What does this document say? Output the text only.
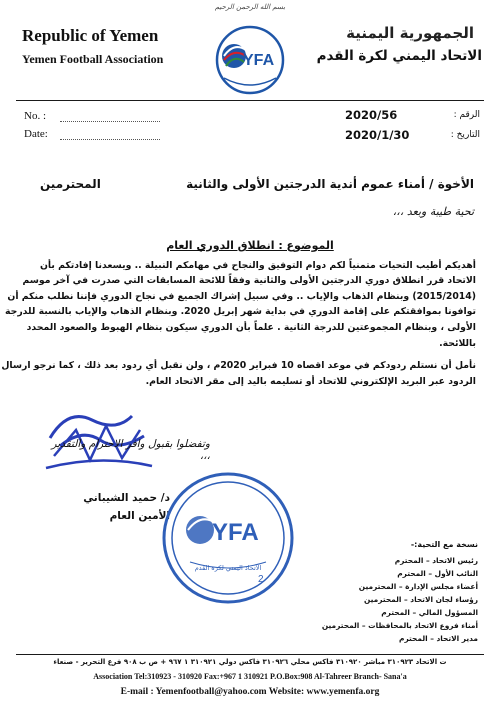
Republic of Yemen
Yemen Football Association
بسم الله الرحمن الرحيم
YFA
الجمهورية اليمنية
الاتحاد اليمني لكرة القدم
No. :
Date:
الرقم :
2020/56
التاريخ :
2020/1/30
الأخوة / أمناء عموم أندية الدرجتين الأولى والثانية
المحترمين
تحية طيبة وبعد ،،،
الموضوع : انطلاق الدوري العام
أهديكم أطيب التحيات متمنياً لكم دوام التوفيق والنجاح في مهامكم النبيلة .. ويسعدنا إفادتكم بأن
الاتحاد قرر انطلاق دوري الدرجتين الأولى والثانية وفقاً للائحة المسابقات التي صدرت في آخر موسم
(2015/2014) وبنظام الذهاب والإياب .. وفي سبيل إشراك الجميع في نجاح الدوري فإننا نطلب منكم أن
توافونا بموافقتكم على إقامة الدوري في بداية شهر إبريل 2020. وبنظام الذهاب والإياب بالنسبة للدرجة
الأولى ، وبنظام المجموعتين للدرجة الثانية . علماً بأن الدوري سيكون بنظام الهبوط والصعود المحدد
باللائحة.
نأمل أن نستلم ردودكم في موعد اقصاه 10 فبراير 2020م ، ولن نقبل أي ردود بعد ذلك ، كما نرجو ارسال
الردود عبر البريد الإلكتروني للاتحاد أو تسليمه باليد إلى مقر الاتحاد العام.
وتفضلوا بقبول وافر الاحترام والتقدير ،،،
د/ حميد الشيباني
الأمين العام
YFA
2
الاتحاد اليمني لكرة القدم
نسخة مع التحية:-
رئيس الاتحاد – المحترم
النائب الأول – المحترم
أعضاء مجلس الإدارة – المحترمين
رؤساء لجان الاتحاد – المحترمين
المسؤول المالي – المحترم
أمناء فروع الاتحاد بالمحافظات – المحترمين
مدير الاتحاد – المحترم
ت الاتحاد ٣١٠٩٢٣ مباشر ٣١٠٩٢٠ فاكس محلي ٣١٠٩٢٦ فاكس دولي ٣١٠٩٢١ ١ ٩٦٧ + ص ب ٩٠٨ فرع التحرير - صنعاء
Association Tel:310923 - 310920 Fax:+967 1 310921 P.O.Box:908 Al-Tahreer Branch- Sana'a
E-mail : Yemenfootball@yahoo.com Website: www.yemenfa.org
